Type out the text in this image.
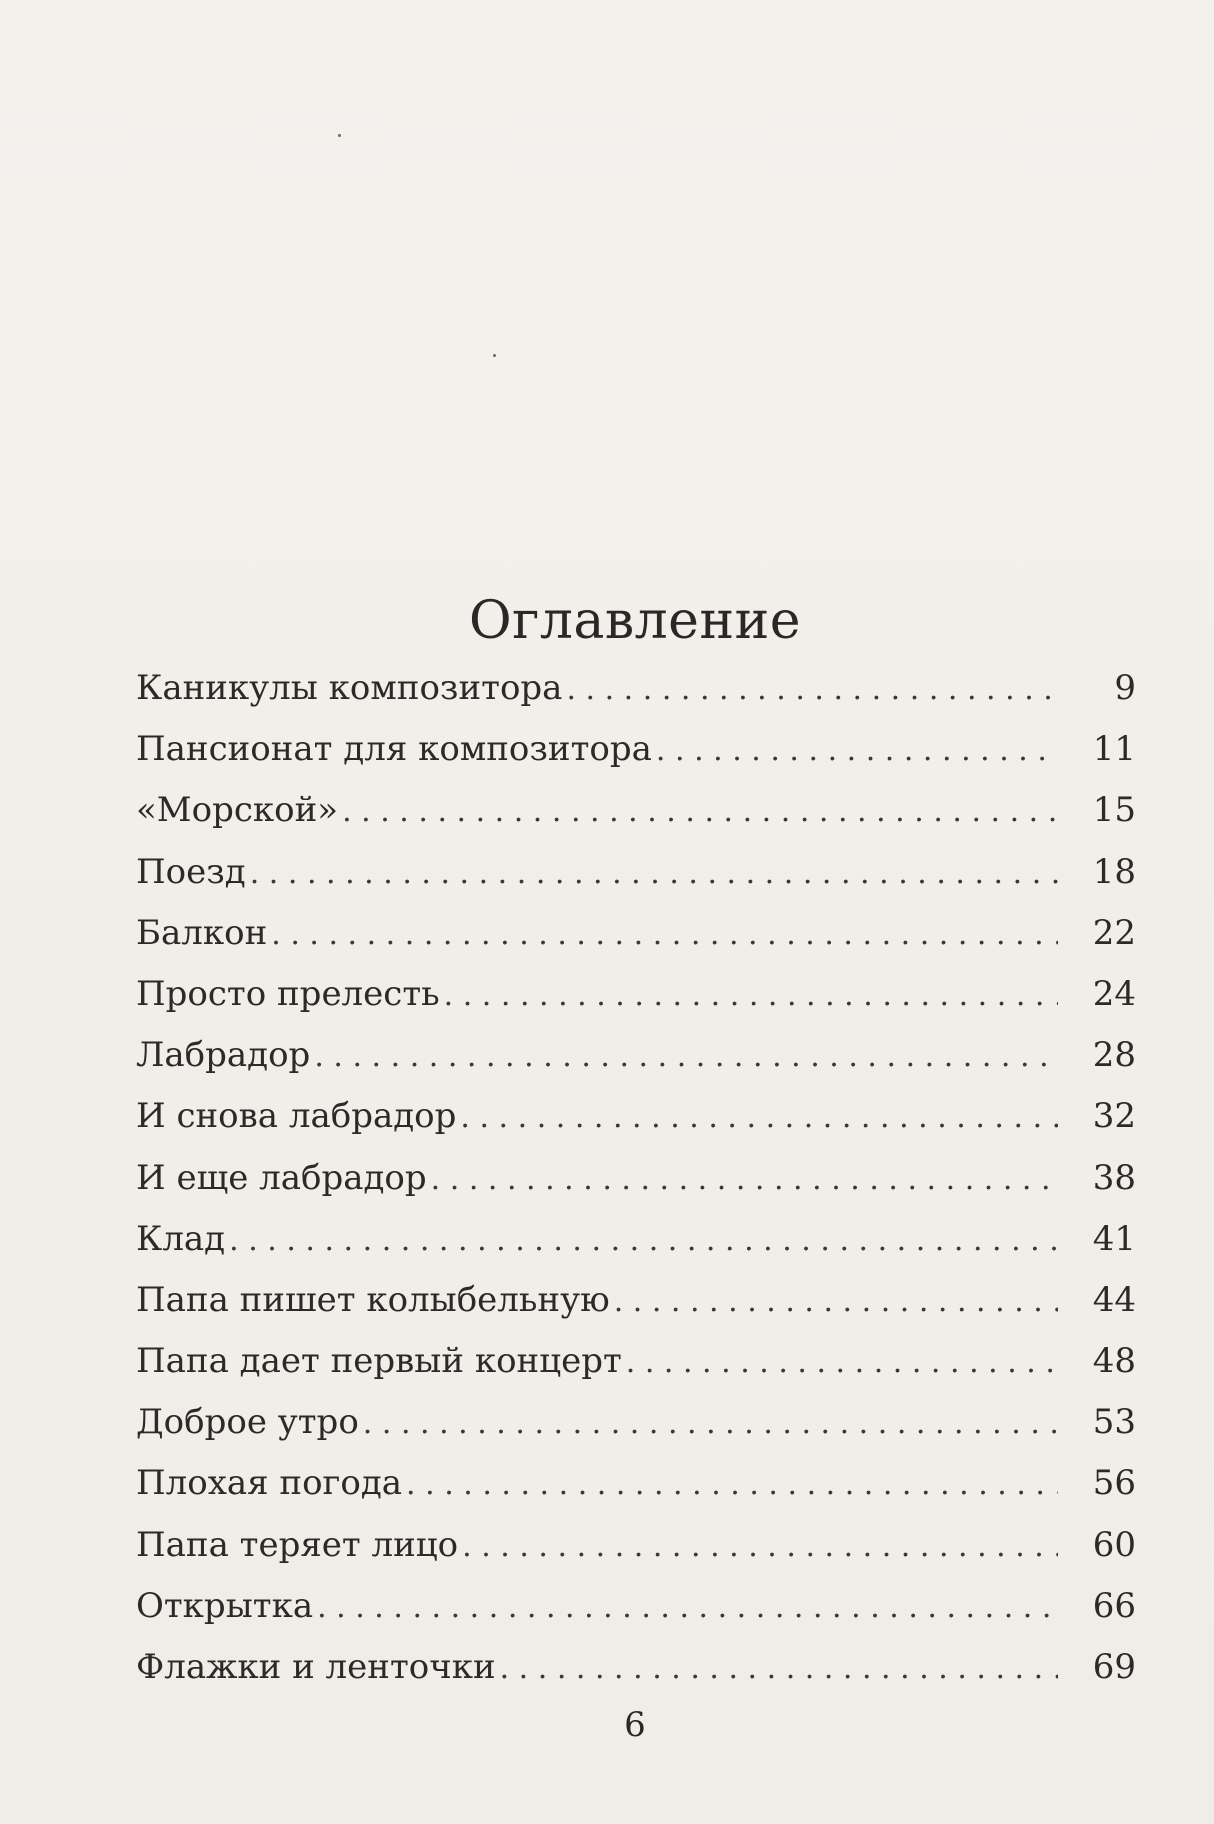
Оглавление
Каникулы композитора . . .	9
Пансионат для композитора . . .	11
«Морской» . . .	15
Поезд . . .	18
Балкон . . .	22
Просто прелесть . . .	24
Лабрадор . . .	28
И снова лабрадор . . .	32
И еще лабрадор . . .	38
Клад . . .	41
Папа пишет колыбельную . . .	44
Папа дает первый концерт . . .	48
Доброе утро . . .	53
Плохая погода . . .	56
Папа теряет лицо . . .	60
Открытка . . .	66
Флажки и ленточки . . .	69
6
